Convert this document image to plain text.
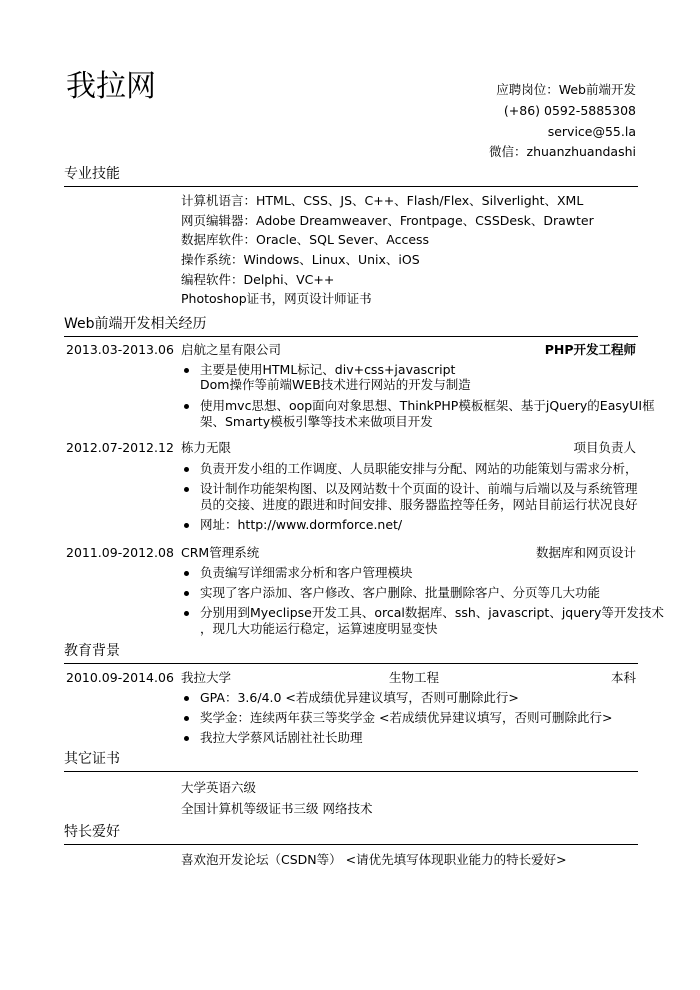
我拉网	应聘岗位：Web前端开发
(+86) 0592-5885308
service@55.la
微信：zhuanzhuandashi
专业技能
计算机语言：HTML、CSS、JS、C++、Flash/Flex、Silverlight、XML
网页编辑器：Adobe Dreamweaver、Frontpage、CSSDesk、Drawter
数据库软件：Oracle、SQL Sever、Access
操作系统：Windows、Linux、Unix、iOS
编程软件：Delphi、VC++
Photoshop证书，网页设计师证书
Web前端开发相关经历
2013.03-2013.06 启航之星有限公司	PHP开发工程师
主要是使用HTML标记、div+css+javascript
Dom操作等前端WEB技术进行网站的开发与制造
使用mvc思想、oop面向对象思想、ThinkPHP模板框架、基于jQuery的EasyUI框
架、Smarty模板引擎等技术来做项目开发
2012.07-2012.12 栋力无限	项目负责人
负责开发小组的工作调度、人员职能安排与分配、网站的功能策划与需求分析，
设计制作功能架构图、以及网站数十个页面的设计、前端与后端以及与系统管理
员的交接、进度的跟进和时间安排、服务器监控等任务，网站目前运行状况良好
网址：http://www.dormforce.net/
2011.09-2012.08 CRM管理系统	数据库和网页设计
负责编写详细需求分析和客户管理模块
实现了客户添加、客户修改、客户删除、批量删除客户、分页等几大功能
分别用到Myeclipse开发工具、orcal数据库、ssh、javascript、jquery等开发技术
，现几大功能运行稳定，运算速度明显变快
教育背景
2010.09-2014.06 我拉大学	生物工程	本科
GPA：3.6/4.0 <若成绩优异建议填写，否则可删除此行>
奖学金：连续两年获三等奖学金 <若成绩优异建议填写，否则可删除此行>
我拉大学蔡风话剧社社长助理
其它证书
大学英语六级
全国计算机等级证书三级 网络技术
特长爱好
喜欢泡开发论坛（CSDN等） <请优先填写体现职业能力的特长爱好>
